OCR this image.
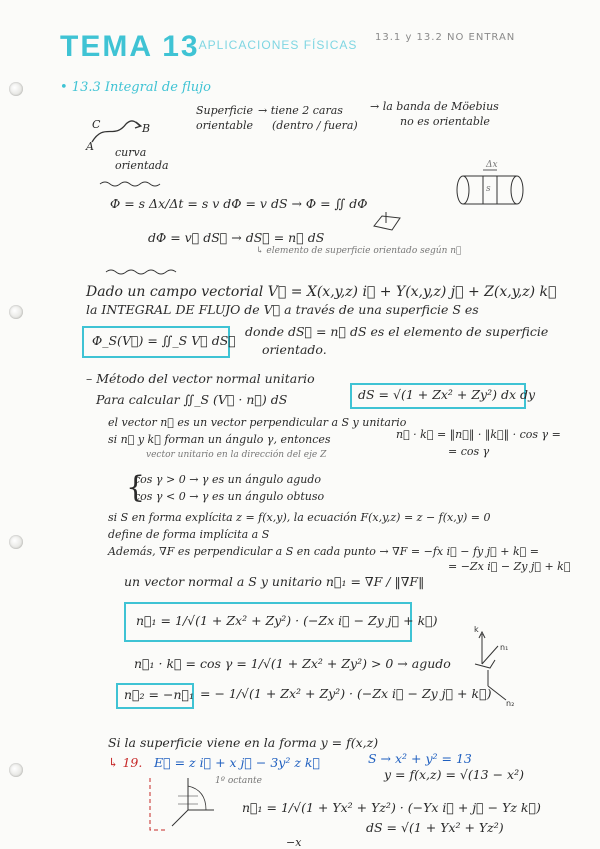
TEMA 13
- APLICACIONES FÍSICAS
13.1 y 13.2 NO ENTRAN
• 13.3 Integral de flujo
A
B
C
curva orientada
Superficie
orientable
→ tiene 2 caras
(dentro / fuera)
→ la banda de Möebius
no es orientable
Φ = s Δx/Δt = s v dΦ = v dS → Φ = ∬ dΦ
dΦ = v⃗ dS⃗ → dS⃗ = n⃗ dS
↳ elemento de superficie orientado según n⃗
Δx
s
Dado un campo vectorial V⃗ = X(x,y,z) i⃗ + Y(x,y,z) j⃗ + Z(x,y,z) k⃗
la INTEGRAL DE FLUJO de V⃗ a través de una superficie S es
Φ_S(V⃗) = ∬_S V⃗ dS⃗
donde dS⃗ = n⃗ dS es el elemento de superficie
orientado.
– Método del vector normal unitario
Para calcular ∬_S (V⃗ · n⃗) dS	dS = √(1 + Zx² + Zy²) dx dy
el vector n⃗ es un vector perpendicular a S y unitario
si n⃗ y k⃗ forman un ángulo γ, entonces	n⃗ · k⃗ = ‖n⃗‖ · ‖k⃗‖ · cos γ =
= cos γ
vector unitario en la dirección del eje Z
cos γ > 0 → γ es un ángulo agudo
cos γ < 0 → γ es un ángulo obtuso
{
si S en forma explícita z = f(x,y), la ecuación F(x,y,z) = z − f(x,y) = 0
define de forma implícita a S
Además, ∇F es perpendicular a S en cada punto → ∇F = −fx i⃗ − fy j⃗ + k⃗ =
= −Zx i⃗ − Zy j⃗ + k⃗
un vector normal a S y unitario n⃗₁ = ∇F / ‖∇F‖
n⃗₁ = 1/√(1 + Zx² + Zy²) · (−Zx i⃗ − Zy j⃗ + k⃗)
k
n₁
n₂
n⃗₁ · k⃗ = cos γ = 1/√(1 + Zx² + Zy²) > 0 → agudo
n⃗₂ = −n⃗₁ = − 1/√(1 + Zx² + Zy²) · (−Zx i⃗ − Zy j⃗ + k⃗)
Si la superficie viene en la forma y = f(x,z)
↳ 19. E⃗ = z i⃗ + x j⃗ − 3y² z k⃗	S → x² + y² = 13
y = f(x,z) = √(13 − x²)
1º octante
n⃗₁ = 1/√(1 + Yx² + Yz²) · (−Yx i⃗ + j⃗ − Yz k⃗)
dS = √(1 + Yx² + Yz²)
−x
